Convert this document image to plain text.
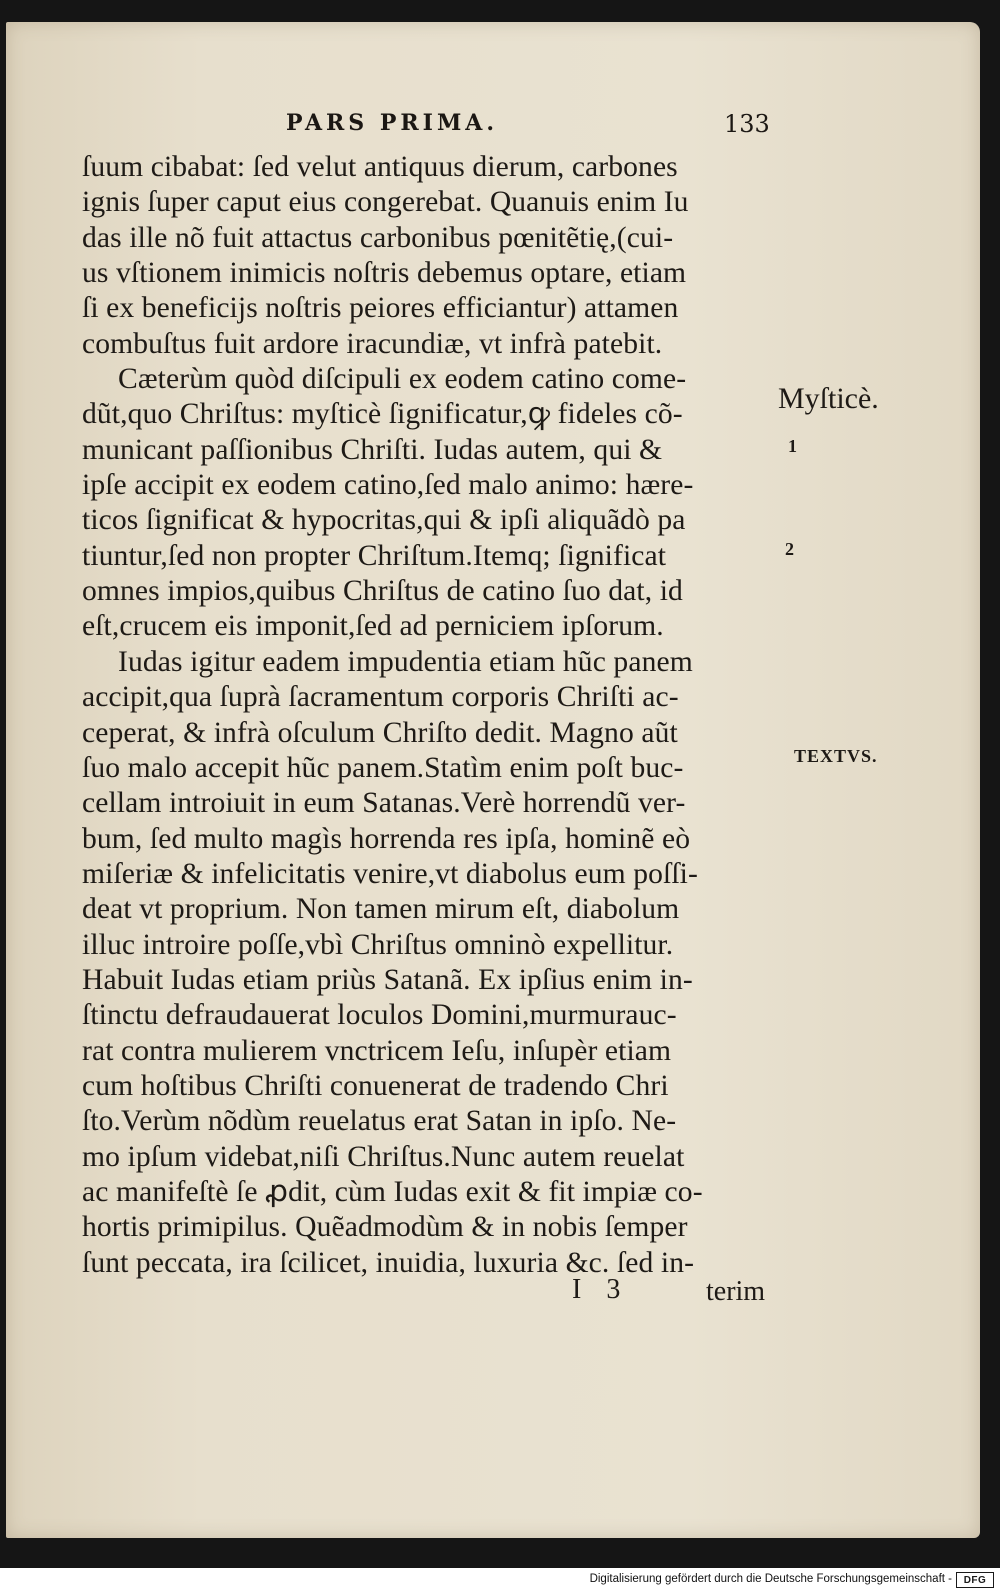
PARS PRIMA.	133
ſuum cibabat: ſed velut antiquus dierum, carbones
ignis ſuper caput eius congerebat. Quanuis enim Iu
das ille nõ fuit attactus carbonibus pœnitẽtię,(cui-
us vſtionem inimicis noſtris debemus optare, etiam
ſi ex beneficijs noſtris peiores efficiantur) attamen
combuſtus fuit ardore iracundiæ, vt infrà patebit.
Cæterùm quòd diſcipuli ex eodem catino come-
dũt,quo Chriſtus: myſticè ſignificatur,ꝙ fideles cõ-
municant paſſionibus Chriſti. Iudas autem, qui &
ipſe accipit ex eodem catino,ſed malo animo: hære-
ticos ſignificat & hypocritas,qui & ipſi aliquãdò pa
tiuntur,ſed non propter Chriſtum.Itemq; ſignificat
omnes impios,quibus Chriſtus de catino ſuo dat, id
eſt,crucem eis imponit,ſed ad perniciem ipſorum.
Iudas igitur eadem impudentia etiam hũc panem
accipit,qua ſuprà ſacramentum corporis Chriſti ac-
ceperat, & infrà oſculum Chriſto dedit. Magno aũt
ſuo malo accepit hũc panem.Statìm enim poſt buc-
cellam introiuit in eum Satanas.Verè horrendũ ver-
bum, ſed multo magìs horrenda res ipſa, hominẽ eò
miſeriæ & infelicitatis venire,vt diabolus eum poſſi-
deat vt proprium. Non tamen mirum eſt, diabolum
illuc introire poſſe,vbì Chriſtus omninò expellitur.
Habuit Iudas etiam priùs Satanã. Ex ipſius enim in-
ſtinctu defraudauerat loculos Domini,murmurauc-
rat contra mulierem vnctricem Ieſu, inſupèr etiam
cum hoſtibus Chriſti conuenerat de tradendo Chri
ſto.Verùm nõdùm reuelatus erat Satan in ipſo. Ne-
mo ipſum videbat,niſi Chriſtus.Nunc autem reuelat
ac manifeſtè ſe ꝓdit, cùm Iudas exit & fit impiæ co-
hortis primipilus. Quẽadmodùm & in nobis ſemper
ſunt peccata, ira ſcilicet, inuidia, luxuria &c. ſed in-
Myſticè.
1
2
TEXTVS.
I 3	terim
Digitalisierung gefördert durch die Deutsche Forschungsgemeinschaft -	DFG
